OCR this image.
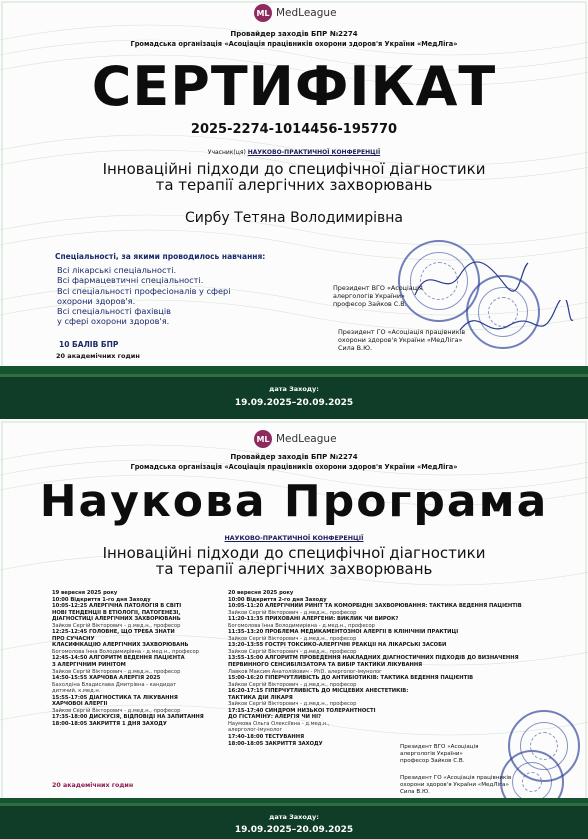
ML MedLeague
Провайдер заходів БПР №2274
Громадська організація «Асоціація працівників охорони здоров'я України «МедЛіга»
СЕРТИФІКАТ
2025-2274-1014456-195770
Учасник(ця) НАУКОВО-ПРАКТИЧНОЇ КОНФЕРЕНЦІЇ
Інноваційні підходи до специфічної діагностики
та терапії алергічних захворювань
Сирбу Тетяна Володимирівна
Спеціальності, за якими проводилось навчання:
Всі лікарські спеціальності.
Всі фармацевтичні спеціальності.
Всі спеціальності професіоналів у сфері
охорони здоров'я.
Всі спеціальності фахівців
у сфері охорони здоров'я.
10 БАЛІВ БПР
20 академічних годин
Президент ВГО «Асоціація
алергологів України»
професор Зайков С.В.
Президент ГО «Асоціація працівників
охорони здоров'я України «МедЛіга»
Сила В.Ю.
дата Заходу:
19.09.2025–20.09.2025
ML MedLeague
Провайдер заходів БПР №2274
Громадська організація «Асоціація працівників охорони здоров'я України «МедЛіга»
Наукова Програма
НАУКОВО-ПРАКТИЧНОЇ КОНФЕРЕНЦІЇ
Інноваційні підходи до специфічної діагностики
та терапії алергічних захворювань
19 вересня 2025 року
10:00 Відкриття 1-го дня Заходу
10:05-12:25 АЛЕРГІЧНА ПАТОЛОГІЯ В СВІТІ
НОВІ ТЕНДЕНЦІЇ В ЕТІОЛОГІЇ, ПАТОГЕНЕЗІ,
ДІАГНОСТИЦІ АЛЕРГІЧНИХ ЗАХВОРЮВАНЬ
Зайков Сергій Вікторович - д.мед.н., професор
12:25-12:45 ГОЛОВНЕ, ЩО ТРЕБА ЗНАТИ
ПРО СУЧАСНУ
КЛАСИФІКАЦІЮ АЛЕРГІЧНИХ ЗАХВОРЮВАНЬ
Богомолова Інна Володимирівна - д.мед.н., професор
12:45-14:50 АЛГОРИТМ ВЕДЕННЯ ПАЦІЄНТА
З АЛЕРГІЧНИМ РИНІТОМ
Зайков Сергій Вікторович - д.мед.н., професор
14:50-15:55 ХАРЧОВА АЛЕРГІЯ 2025
Бахолдіна Владислава Дмитрівна - кандидат
дитячий, к.мед.н.
15:55-17:05 ДІАГНОСТИКА ТА ЛІКУВАННЯ
ХАРЧОВОЇ АЛЕРГІЇ
Зайков Сергій Вікторович - д.мед.н., професор
17:35-18:00 ДИСКУСІЯ, ВІДПОВІДІ НА ЗАПИТАННЯ
18:00-18:05 ЗАКРИТТЯ 1 ДНЯ ЗАХОДУ
20 вересня 2025 року
10:00 Відкриття 2-го дня Заходу
10:05-11:20 АЛЕРГІЧНИЙ РИНІТ ТА КОМОРБІДНІ ЗАХВОРЮВАННЯ: ТАКТИКА ВЕДЕННЯ ПАЦІЄНТІВ
Зайков Сергій Вікторович - д.мед.н., професор
11:20-11:35 ПРИХОВАНІ АЛЕРГЕНИ: ВИКЛИК ЧИ ВИРОК?
Богомолова Інна Володимирівна - д.мед.н., професор
11:35-13:20 ПРОБЛЕМА МЕДИКАМЕНТОЗНОЇ АЛЕРГІЇ В КЛІНІЧНІЙ ПРАКТИЦІ
Зайков Сергій Вікторович - д.мед.н., професор
13:20-13:55 ГОСТРІ ТОКСИКО-АЛЕРГІЧНІ РЕАКЦІЇ НА ЛІКАРСЬКІ ЗАСОБИ
Зайков Сергій Вікторович - д.мед.н., професор
13:55-15:00 АЛГОРИТМ ПРОВЕДЕННЯ НАКЛАДНИХ ДІАГНОСТИЧНИХ ПІДХОДІВ ДО ВИЗНАЧЕННЯ
ПЕРВИННОГО СЕНСИБІЛІЗАТОРА ТА ВИБІР ТАКТИКИ ЛІКУВАННЯ
Лавков Максим Анатолійович - PhD, алерголог-імунолог
15:00-16:20 ГІПЕРЧУТЛИВІСТЬ ДО АНТИБІОТИКІВ: ТАКТИКА ВЕДЕННЯ ПАЦІЄНТІВ
Зайков Сергій Вікторович - д.мед.н., професор
16:20-17:15 ГІПЕРЧУТЛИВІСТЬ ДО МІСЦЕВИХ АНЕСТЕТИКІВ:
ТАКТИКА ДІЙ ЛІКАРЯ
Зайков Сергій Вікторович - д.мед.н., професор
17:15-17:40 СИНДРОМ НИЗЬКОЇ ТОЛЕРАНТНОСТІ
ДО ГІСТАМІНУ: АЛЕРГІЯ ЧИ НІ?
Наумова Ольга Олексіївна - д.мед.н.,
алерголог-імунолог
17:40-18:00 ТЕСТУВАННЯ
18:00-18:05 ЗАКРИТТЯ ЗАХОДУ
Президент ВГО «Асоціація
алергологів України»
професор Зайков С.В.
Президент ГО «Асоціація працівників
охорони здоров'я України «МедЛіга»
Сила В.Ю.
дата Заходу:
19.09.2025–20.09.2025
20 академічних годин
